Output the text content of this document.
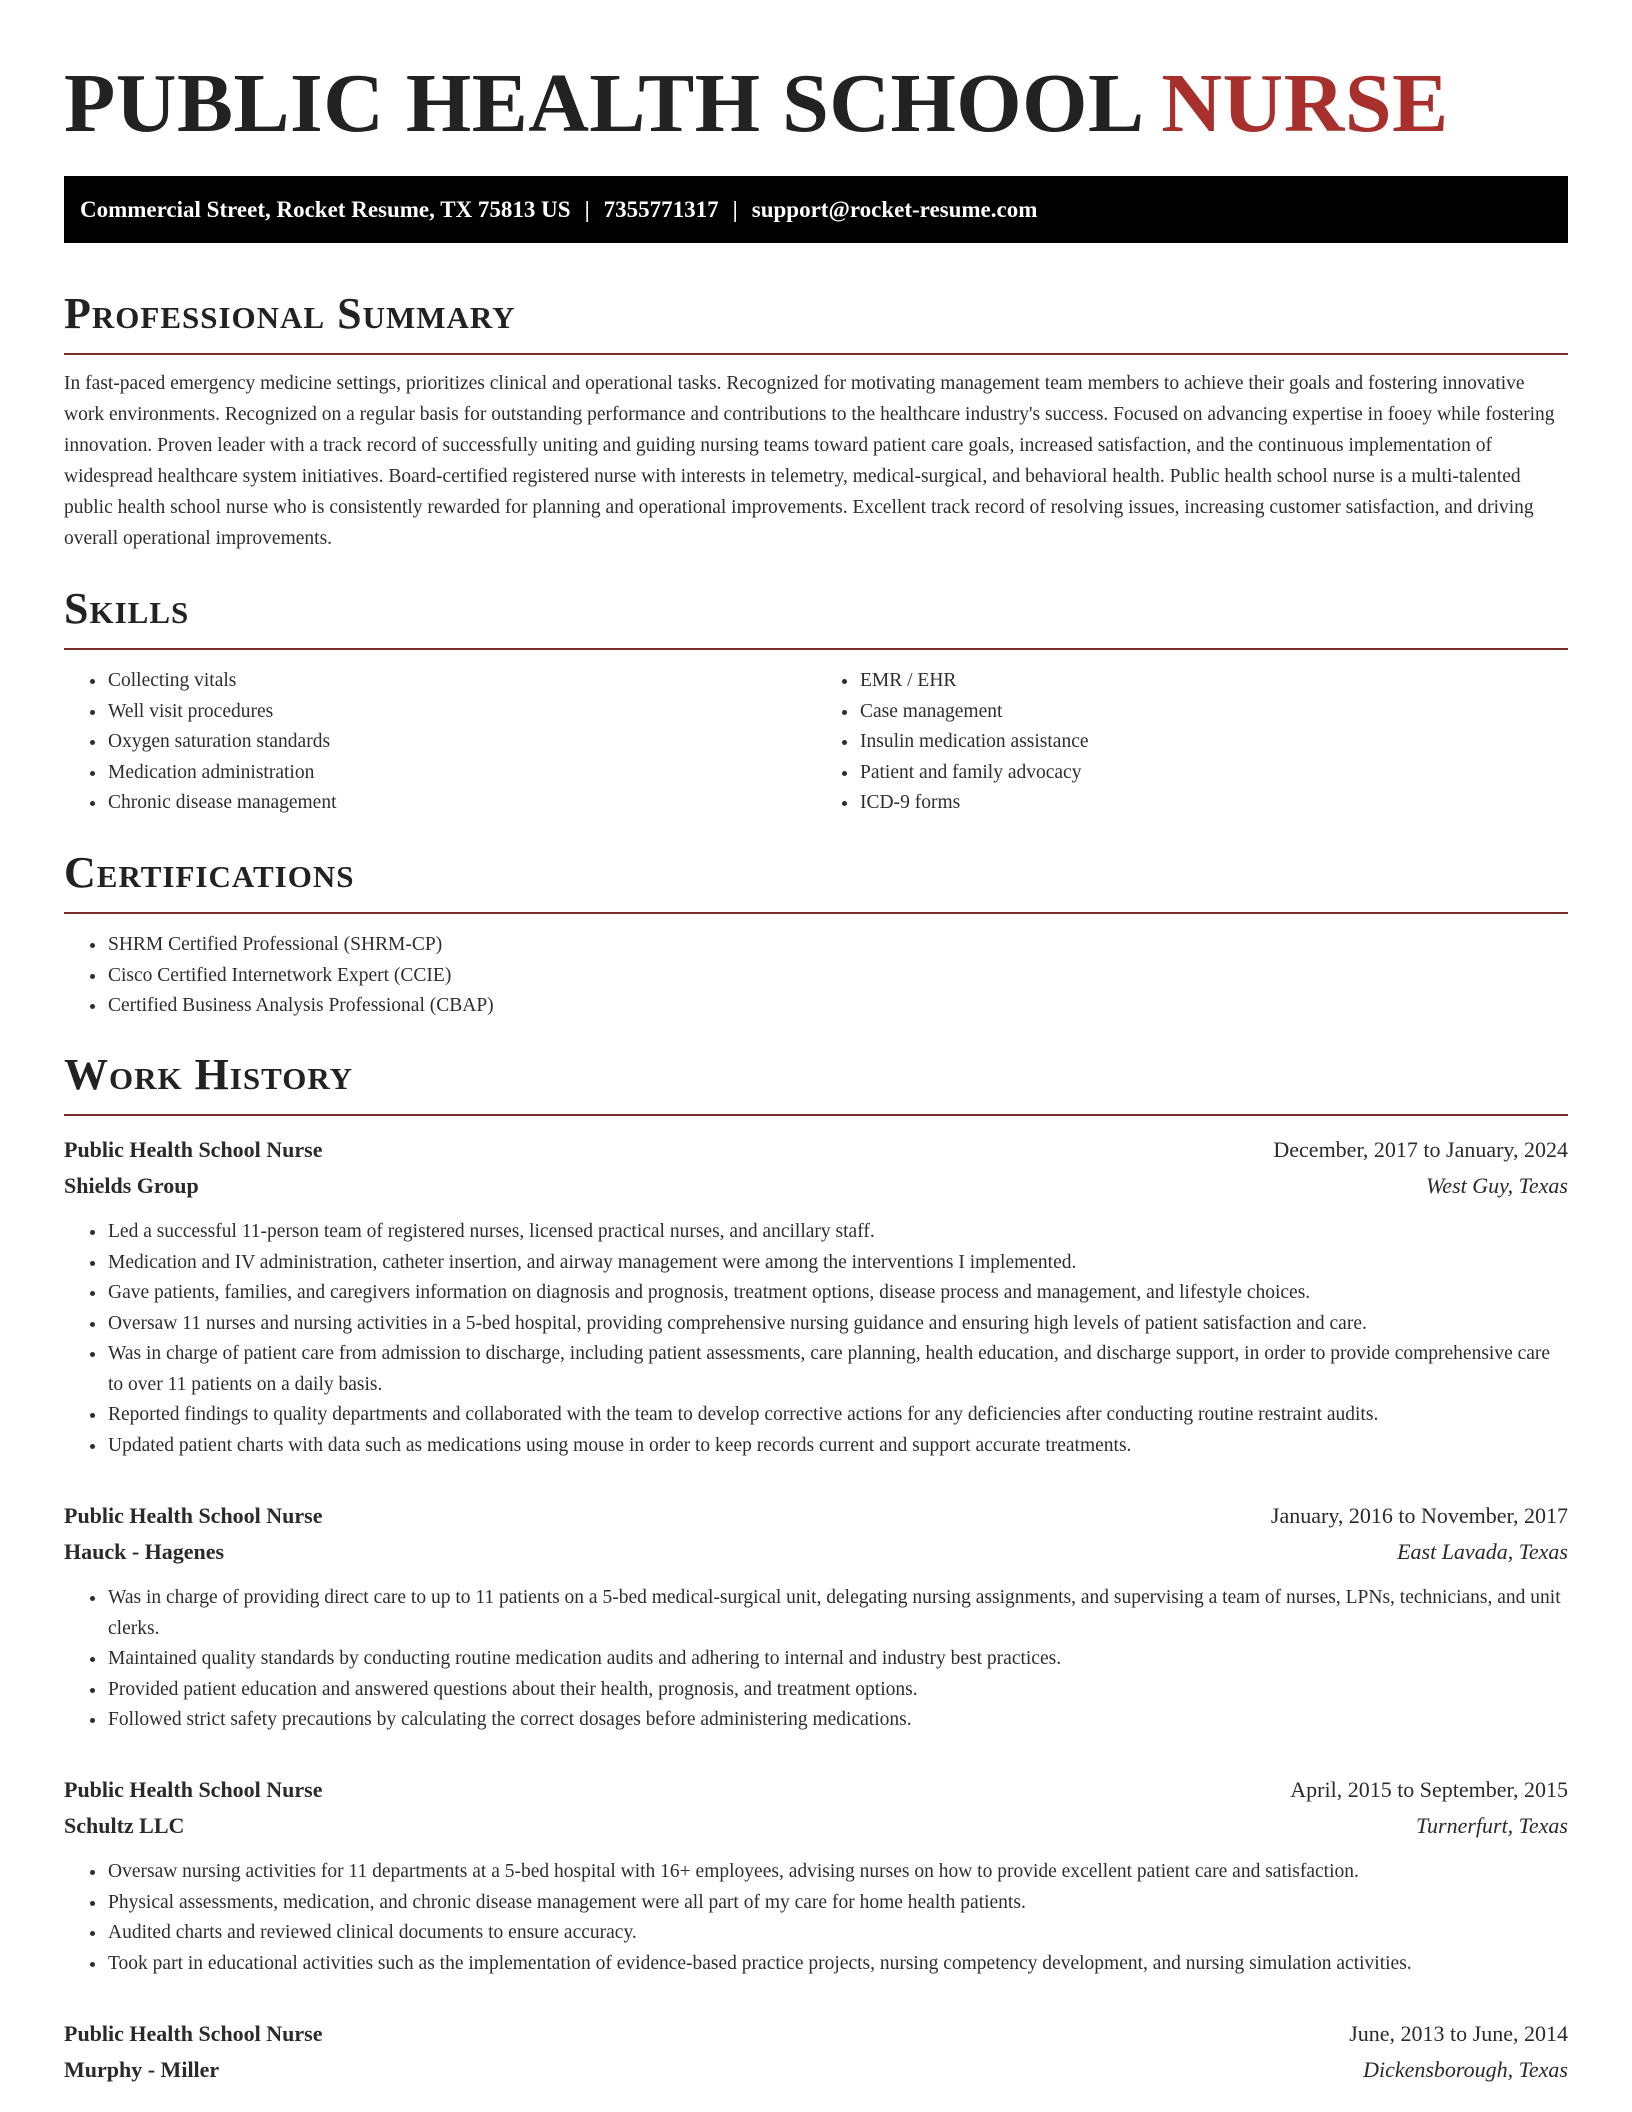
PUBLIC HEALTH SCHOOL NURSE
Commercial Street, Rocket Resume, TX 75813 US | 7355771317 | support@rocket-resume.com
Professional Summary

In fast-paced emergency medicine settings, prioritizes clinical and operational tasks. Recognized for motivating management team members to achieve their goals and fostering innovative work environments. Recognized on a regular basis for outstanding performance and contributions to the healthcare industry's success. Focused on advancing expertise in fooey while fostering innovation. Proven leader with a track record of successfully uniting and guiding nursing teams toward patient care goals, increased satisfaction, and the continuous implementation of widespread healthcare system initiatives. Board-certified registered nurse with interests in telemetry, medical-surgical, and behavioral health. Public health school nurse is a multi-talented public health school nurse who is consistently rewarded for planning and operational improvements. Excellent track record of resolving issues, increasing customer satisfaction, and driving overall operational improvements.

Skills
• Collecting vitals
• Well visit procedures
• Oxygen saturation standards
• Medication administration
• Chronic disease management
• EMR / EHR
• Case management
• Insulin medication assistance
• Patient and family advocacy
• ICD-9 forms
Certifications
• SHRM Certified Professional (SHRM-CP)
• Cisco Certified Internetwork Expert (CCIE)
• Certified Business Analysis Professional (CBAP)
Work History
Public Health School Nurse	December, 2017 to January, 2024
Shields Group	West Guy, Texas
• Led a successful 11-person team of registered nurses, licensed practical nurses, and ancillary staff.
• Medication and IV administration, catheter insertion, and airway management were among the interventions I implemented.
• Gave patients, families, and caregivers information on diagnosis and prognosis, treatment options, disease process and management, and lifestyle choices.
• Oversaw 11 nurses and nursing activities in a 5-bed hospital, providing comprehensive nursing guidance and ensuring high levels of patient satisfaction and care.
• Was in charge of patient care from admission to discharge, including patient assessments, care planning, health education, and discharge support, in order to provide comprehensive care to over 11 patients on a daily basis.
• Reported findings to quality departments and collaborated with the team to develop corrective actions for any deficiencies after conducting routine restraint audits.
• Updated patient charts with data such as medications using mouse in order to keep records current and support accurate treatments.
Public Health School Nurse	January, 2016 to November, 2017
Hauck - Hagenes	East Lavada, Texas
• Was in charge of providing direct care to up to 11 patients on a 5-bed medical-surgical unit, delegating nursing assignments, and supervising a team of nurses, LPNs, technicians, and unit clerks.
• Maintained quality standards by conducting routine medication audits and adhering to internal and industry best practices.
• Provided patient education and answered questions about their health, prognosis, and treatment options.
• Followed strict safety precautions by calculating the correct dosages before administering medications.
Public Health School Nurse	April, 2015 to September, 2015
Schultz LLC	Turnerfurt, Texas
• Oversaw nursing activities for 11 departments at a 5-bed hospital with 16+ employees, advising nurses on how to provide excellent patient care and satisfaction.
• Physical assessments, medication, and chronic disease management were all part of my care for home health patients.
• Audited charts and reviewed clinical documents to ensure accuracy.
• Took part in educational activities such as the implementation of evidence-based practice projects, nursing competency development, and nursing simulation activities.
Public Health School Nurse	June, 2013 to June, 2014
Murphy - Miller	Dickensborough, Texas
